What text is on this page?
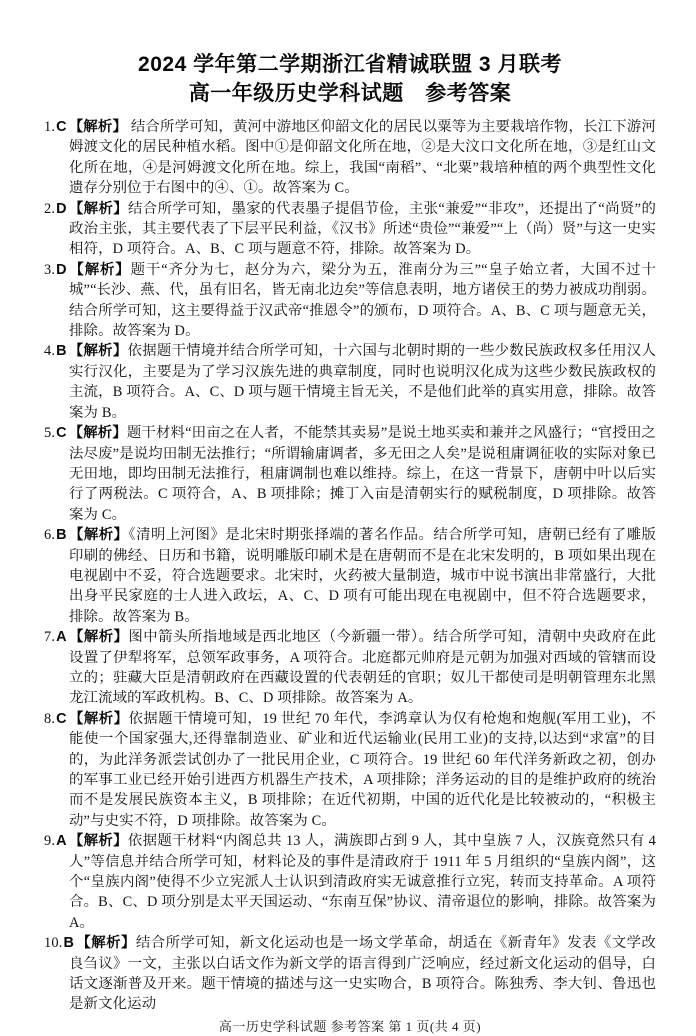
2024 学年第二学期浙江省精诚联盟 3 月联考
高一年级历史学科试题　参考答案
1.C 【解析】 结合所学可知，黄河中游地区仰韶文化的居民以粟等为主要栽培作物，长江下游河姆渡文化的居民种植水稻。图中①是仰韶文化所在地，②是大汶口文化所在地，③是红山文化所在地，④是河姆渡文化所在地。综上，我国“南稻”、“北粟”栽培种植的两个典型性文化遗存分别位于右图中的④、①。故答案为 C。
2.D 【解析】结合所学可知，墨家的代表墨子提倡节俭，主张“兼爱”“非攻”，还提出了“尚贤”的政治主张，其主要代表了下层平民利益，《汉书》所述“贵俭”“兼爱”“上（尚）贤”与这一史实相符，D 项符合。A、B、C 项与题意不符，排除。故答案为 D。
3.D 【解析】题干“齐分为七，赵分为六，梁分为五，淮南分为三”“皇子始立者，大国不过十城”“长沙、燕、代，虽有旧名，皆无南北边矣”等信息表明，地方诸侯王的势力被成功削弱。结合所学可知，这主要得益于汉武帝“推恩令”的颁布，D 项符合。A、B、C 项与题意无关，排除。故答案为 D。
4.B 【解析】依据题干情境并结合所学可知，十六国与北朝时期的一些少数民族政权多任用汉人实行汉化，主要是为了学习汉族先进的典章制度，同时也说明汉化成为这些少数民族政权的主流，B 项符合。A、C、D 项与题干情境主旨无关，不是他们此举的真实用意，排除。故答案为 B。
5.C 【解析】题干材料“田亩之在人者，不能禁其卖易”是说土地买卖和兼并之风盛行；“官授田之法尽废”是说均田制无法推行；“所谓输庸调者，多无田之人矣”是说租庸调征收的实际对象已无田地，即均田制无法推行，租庸调制也难以维持。综上，在这一背景下，唐朝中叶以后实行了两税法。C 项符合，A、B 项排除；摊丁入亩是清朝实行的赋税制度，D 项排除。故答案为 C。
6.B 【解析】《清明上河图》是北宋时期张择端的著名作品。结合所学可知，唐朝已经有了雕版印刷的佛经、日历和书籍，说明雕版印刷术是在唐朝而不是在北宋发明的，B 项如果出现在电视剧中不妥，符合选题要求。北宋时，火药被大量制造，城市中说书演出非常盛行，大批出身平民家庭的士人进入政坛，A、C、D 项有可能出现在电视剧中，但不符合选题要求，排除。故答案为 B。
7.A 【解析】图中箭头所指地域是西北地区（今新疆一带）。结合所学可知，清朝中央政府在此设置了伊犁将军，总领军政事务，A 项符合。北庭都元帅府是元朝为加强对西域的管辖而设立的；驻藏大臣是清朝政府在西藏设置的代表朝廷的官职；奴儿干都使司是明朝管理东北黑龙江流域的军政机构。B、C、D 项排除。故答案为 A。
8.C 【解析】依据题干情境可知，19 世纪 70 年代，李鸿章认为仅有枪炮和炮舰(军用工业)，不能使一个国家强大,还得靠制造业、矿业和近代运输业(民用工业)的支持,以达到“求富”的目的，为此洋务派尝试创办了一批民用企业，C 项符合。19 世纪 60 年代洋务新政之初，创办的军事工业已经开始引进西方机器生产技术，A 项排除；洋务运动的目的是维护政府的统治而不是发展民族资本主义，B 项排除；在近代初期，中国的近代化是比较被动的，“积极主动”与史实不符，D 项排除。故答案为 C。
9.A 【解析】依据题干材料“内阁总共 13 人，满族即占到 9 人，其中皇族 7 人，汉族竟然只有 4 人”等信息并结合所学可知，材料论及的事件是清政府于 1911 年 5 月组织的“皇族内阁”，这个“皇族内阁”使得不少立宪派人士认识到清政府实无诚意推行立宪，转而支持革命。A 项符合。B、C、D 项分别是太平天国运动、“东南互保”协议、清帝退位的影响，排除。故答案为 A。
10.B 【解析】结合所学可知，新文化运动也是一场文学革命，胡适在《新青年》发表《文学改良刍议》一文，主张以白话文作为新文学的语言得到广泛响应，经过新文化运动的倡导，白话文逐渐普及开来。题干情境的描述与这一史实吻合，B 项符合。陈独秀、李大钊、鲁迅也是新文化运动
高一历史学科试题 参考答案 第 1 页(共 4 页)
